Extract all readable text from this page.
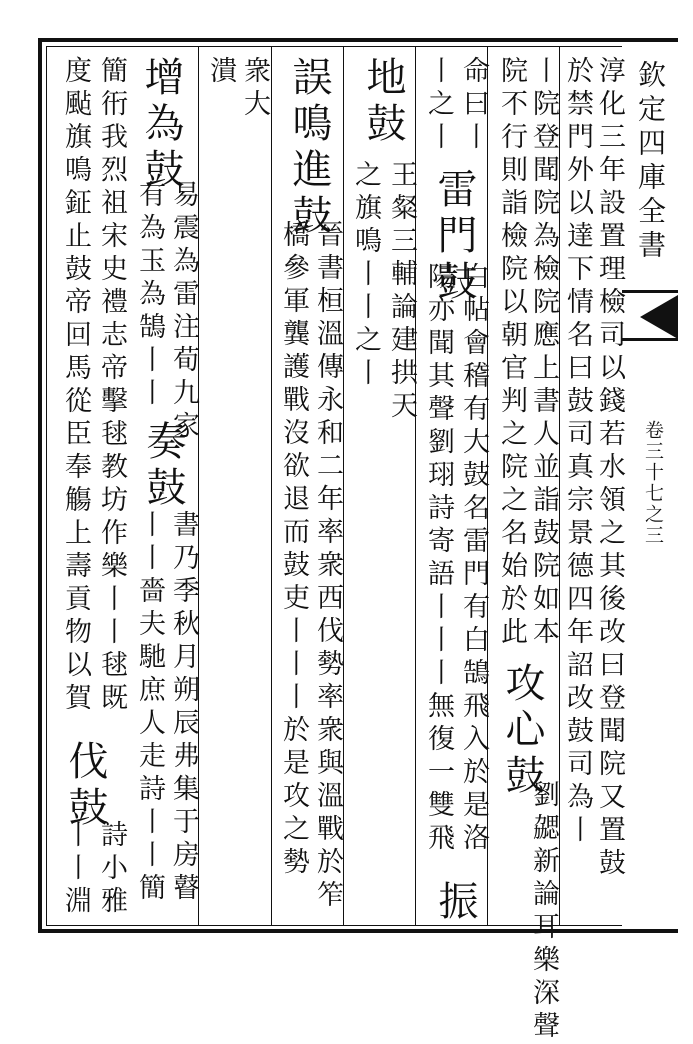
欽定四庫全書
卷三十七之三
淳化三年設置理檢司以錢若水領之其後改曰登聞院又置鼓
於禁門外以達下情名曰鼓司真宗景德四年詔改鼓司為丨
丨院登聞院為檢院應上書人並詣鼓院如本
院不行則詣檢院以朝官判之院之名始於此
命曰丨
丨之丨
雷門鼓
白帖會稽有大鼓名雷門有白鵠飛入於是洛
陽亦聞其聲劉珝詩寄語丨丨丨無復一雙飛 攻心鼓
劉勰新論耳樂深聲
振
地鼓
王粲三輔論建拱天
之旗鳴丨丨之丨
誤鳴進鼓
晉書桓溫傳永和二年率衆西伐勢率衆與溫戰於笮
橋參軍龔護戰沒欲退而鼓吏丨丨丨於是攻之勢
衆大
潰
增為鼓
易震為雷注荀九家
有為玉為鵠丨丨
奏鼓
書乃季秋月朔辰弗集于房瞽
丨丨嗇夫馳庶人走詩丨丨簡
簡衎我烈祖宋史禮志帝擊毬教坊作樂丨丨毬既
度颭旗鳴鉦止鼓帝回馬從臣奉觴上壽貢物以賀
伐鼓
詩小雅
丨丨淵
